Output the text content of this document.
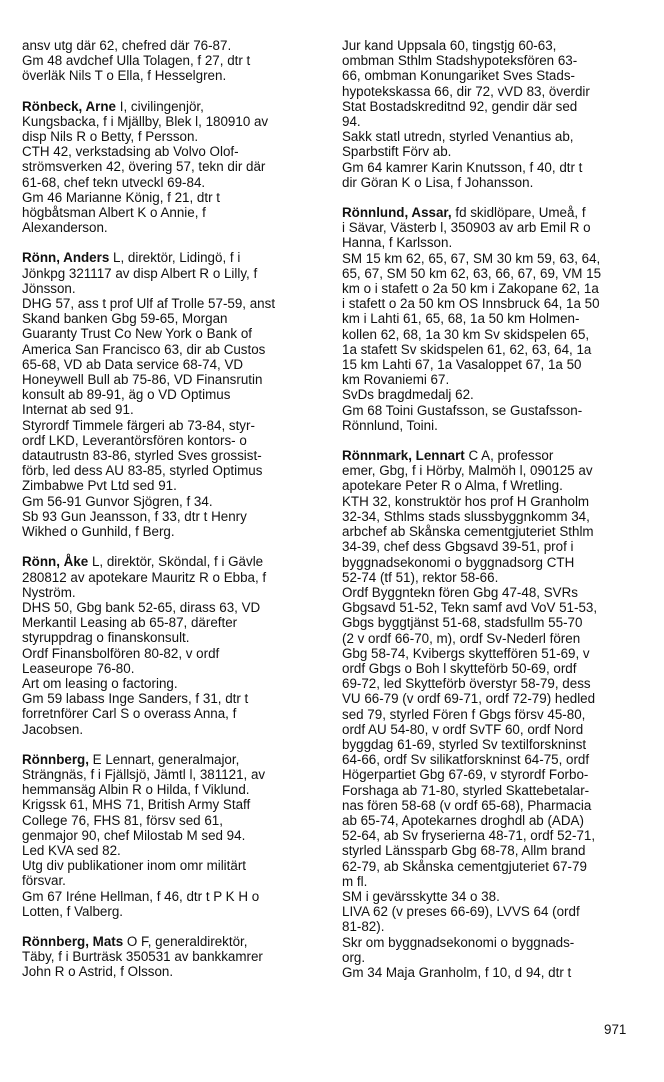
ansv utg där 62, chefred där 76-87.
Gm 48 avdchef Ulla Tolagen, f 27, dtr t
överläk Nils T o Ella, f Hesselgren.
Rönbeck, Arne I, civilingenjör,
Kungsbacka, f i Mjällby, Blek l, 180910 av
disp Nils R o Betty, f Persson.
CTH 42, verkstadsing ab Volvo Olof-
strömsverken 42, övering 57, tekn dir där
61-68, chef tekn utveckl 69-84.
Gm 46 Marianne König, f 21, dtr t
högbåtsman Albert K o Annie, f
Alexanderson.
Rönn, Anders L, direktör, Lidingö, f i
Jönkpg 321117 av disp Albert R o Lilly, f
Jönsson.
DHG 57, ass t prof Ulf af Trolle 57-59, anst
Skand banken Gbg 59-65, Morgan
Guaranty Trust Co New York o Bank of
America San Francisco 63, dir ab Custos
65-68, VD ab Data service 68-74, VD
Honeywell Bull ab 75-86, VD Finansrutin
konsult ab 89-91, äg o VD Optimus
Internat ab sed 91.
Styrordf Timmele färgeri ab 73-84, styr-
ordf LKD, Leverantörsfören kontors- o
datautrustn 83-86, styrled Sves grossist-
förb, led dess AU 83-85, styrled Optimus
Zimbabwe Pvt Ltd sed 91.
Gm 56-91 Gunvor Sjögren, f 34.
Sb 93 Gun Jeansson, f 33, dtr t Henry
Wikhed o Gunhild, f Berg.
Rönn, Åke L, direktör, Sköndal, f i Gävle
280812 av apotekare Mauritz R o Ebba, f
Nyström.
DHS 50, Gbg bank 52-65, dirass 63, VD
Merkantil Leasing ab 65-87, därefter
styruppdrag o finanskonsult.
Ordf Finansbolfören 80-82, v ordf
Leaseurope 76-80.
Art om leasing o factoring.
Gm 59 labass Inge Sanders, f 31, dtr t
forretnförer Carl S o overass Anna, f
Jacobsen.
Rönnberg, E Lennart, generalmajor,
Strängnäs, f i Fjällsjö, Jämtl l, 381121, av
hemmansäg Albin R o Hilda, f Viklund.
Krigssk 61, MHS 71, British Army Staff
College 76, FHS 81, försv sed 61,
genmajor 90, chef Milostab M sed 94.
Led KVA sed 82.
Utg div publikationer inom omr militärt
försvar.
Gm 67 Iréne Hellman, f 46, dtr t P K H o
Lotten, f Valberg.
Rönnberg, Mats O F, generaldirektör,
Täby, f i Burträsk 350531 av bankkamrer
John R o Astrid, f Olsson.
Jur kand Uppsala 60, tingstjg 60-63,
ombman Sthlm Stadshypoteksfören 63-
66, ombman Konungariket Sves Stads-
hypotekskassa 66, dir 72, vVD 83, överdir
Stat Bostadskreditnd 92, gendir där sed
94.
Sakk statl utredn, styrled Venantius ab,
Sparbstift Förv ab.
Gm 64 kamrer Karin Knutsson, f 40, dtr t
dir Göran K o Lisa, f Johansson.
Rönnlund, Assar, fd skidlöpare, Umeå, f
i Sävar, Västerb l, 350903 av arb Emil R o
Hanna, f Karlsson.
SM 15 km 62, 65, 67, SM 30 km 59, 63, 64,
65, 67, SM 50 km 62, 63, 66, 67, 69, VM 15
km o i stafett o 2a 50 km i Zakopane 62, 1a
i stafett o 2a 50 km OS Innsbruck 64, 1a 50
km i Lahti 61, 65, 68, 1a 50 km Holmen-
kollen 62, 68, 1a 30 km Sv skidspelen 65,
1a stafett Sv skidspelen 61, 62, 63, 64, 1a
15 km Lahti 67, 1a Vasaloppet 67, 1a 50
km Rovaniemi 67.
SvDs bragdmedalj 62.
Gm 68 Toini Gustafsson, se Gustafsson-
Rönnlund, Toini.
Rönnmark, Lennart C A, professor
emer, Gbg, f i Hörby, Malmöh l, 090125 av
apotekare Peter R o Alma, f Wretling.
KTH 32, konstruktör hos prof H Granholm
32-34, Sthlms stads slussbyggnkomm 34,
arbchef ab Skånska cementgjuteriet Sthlm
34-39, chef dess Gbgsavd 39-51, prof i
byggnadsekonomi o byggnadsorg CTH
52-74 (tf 51), rektor 58-66.
Ordf Byggntekn fören Gbg 47-48, SVRs
Gbgsavd 51-52, Tekn samf avd VoV 51-53,
Gbgs byggtjänst 51-68, stadsfullm 55-70
(2 v ordf 66-70, m), ordf Sv-Nederl fören
Gbg 58-74, Kvibergs skytteffören 51-69, v
ordf Gbgs o Boh l skytteförb 50-69, ordf
69-72, led Skytteförb överstyr 58-79, dess
VU 66-79 (v ordf 69-71, ordf 72-79) hedled
sed 79, styrled Fören f Gbgs försv 45-80,
ordf AU 54-80, v ordf SvTF 60, ordf Nord
byggdag 61-69, styrled Sv textilforskninst
64-66, ordf Sv silikatforskninst 64-75, ordf
Högerpartiet Gbg 67-69, v styrordf Forbo-
Forshaga ab 71-80, styrled Skattebetalar-
nas fören 58-68 (v ordf 65-68), Pharmacia
ab 65-74, Apotekarnes droghdl ab (ADA)
52-64, ab Sv fryserierna 48-71, ordf 52-71,
styrled Länssparb Gbg 68-78, Allm brand
62-79, ab Skånska cementgjuteriet 67-79
m fl.
SM i gevärsskytte 34 o 38.
LIVA 62 (v preses 66-69), LVVS 64 (ordf
81-82).
Skr om byggnadsekonomi o byggnads-
org.
Gm 34 Maja Granholm, f 10, d 94, dtr t
971
